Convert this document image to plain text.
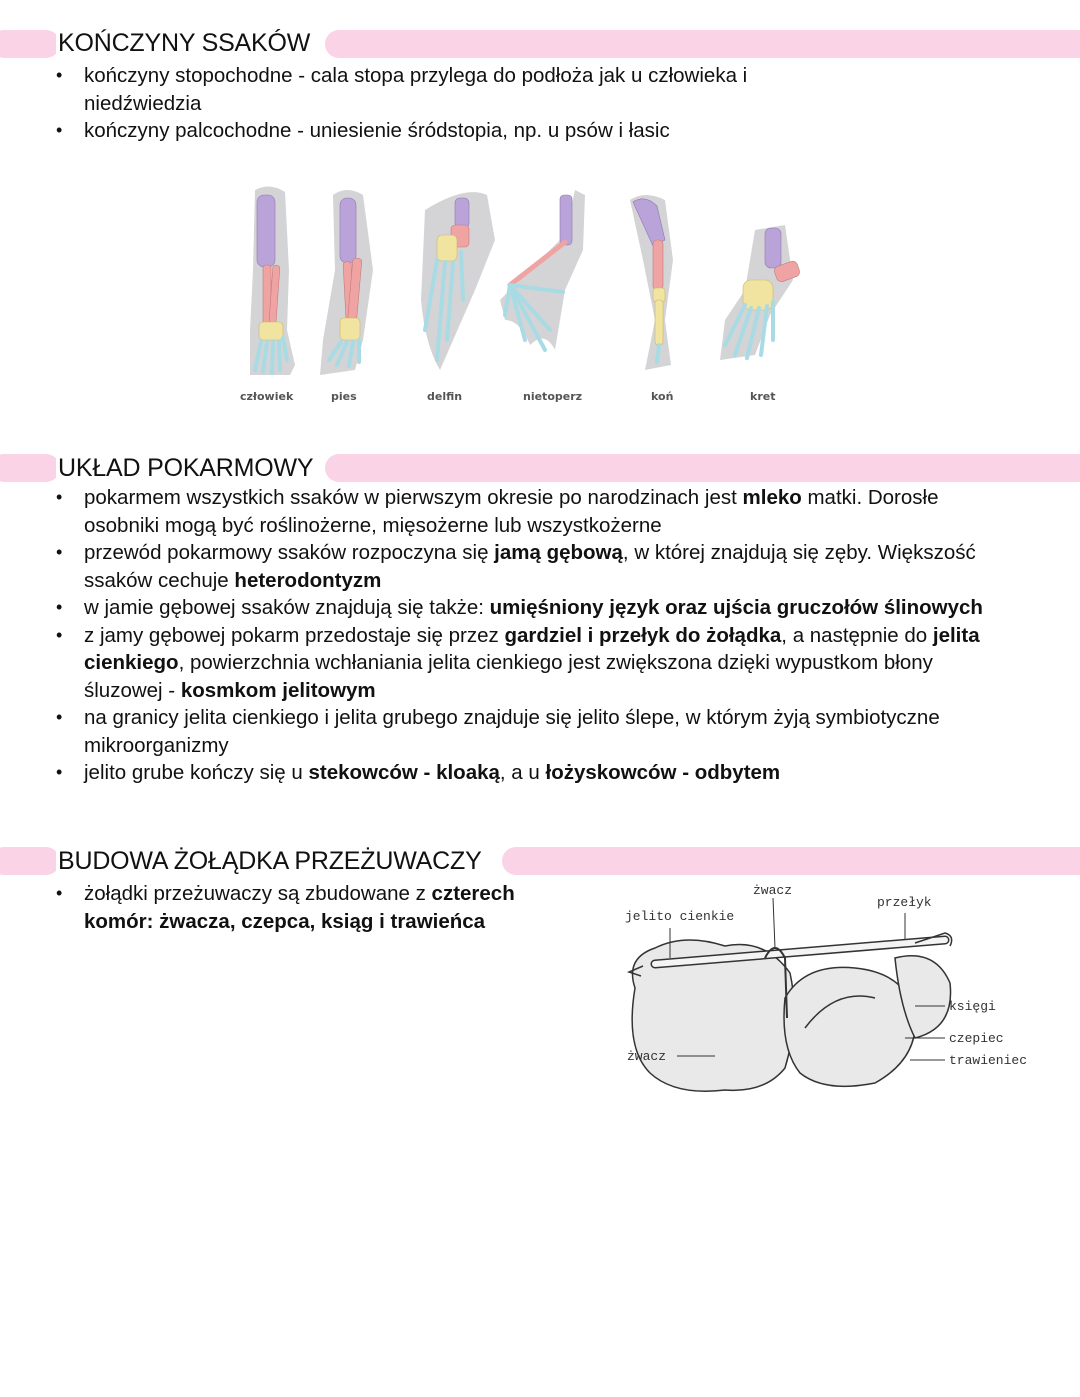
KOŃCZYNY SSAKÓW
• kończyny stopochodne - cala stopa przylega do podłoża jak u człowieka i niedźwiedzia
• kończyny palcochodne - uniesienie śródstopia, np. u psów i łasic
człowiek	pies	delfin	nietoperz	koń	kret
UKŁAD POKARMOWY
• pokarmem wszystkich ssaków w pierwszym okresie po narodzinach jest mleko matki. Dorosłe osobniki mogą być roślinożerne, mięsożerne lub wszystkożerne
• przewód pokarmowy ssaków rozpoczyna się jamą gębową, w której znajdują się zęby. Większość ssaków cechuje heterodontyzm
• w jamie gębowej ssaków znajdują się także: umięśniony język oraz ujścia gruczołów ślinowych
• z jamy gębowej pokarm przedostaje się przez gardziel i przełyk do żołądka, a następnie do jelita cienkiego, powierzchnia wchłaniania jelita cienkiego jest zwiększona dzięki wypustkom błony śluzowej - kosmkom jelitowym
• na granicy jelita cienkiego i jelita grubego znajduje się jelito ślepe, w którym żyją symbiotyczne mikroorganizmy
• jelito grube kończy się u stekowców - kloaką, a u łożyskowców - odbytem
BUDOWA ŻOŁĄDKA PRZEŻUWACZY
• żołądki przeżuwaczy są zbudowane z czterech komór: żwacza, czepca, ksiąg i trawieńca
żwacz
przełyk
jelito cienkie
księgi
czepiec
trawieniec
żwacz
